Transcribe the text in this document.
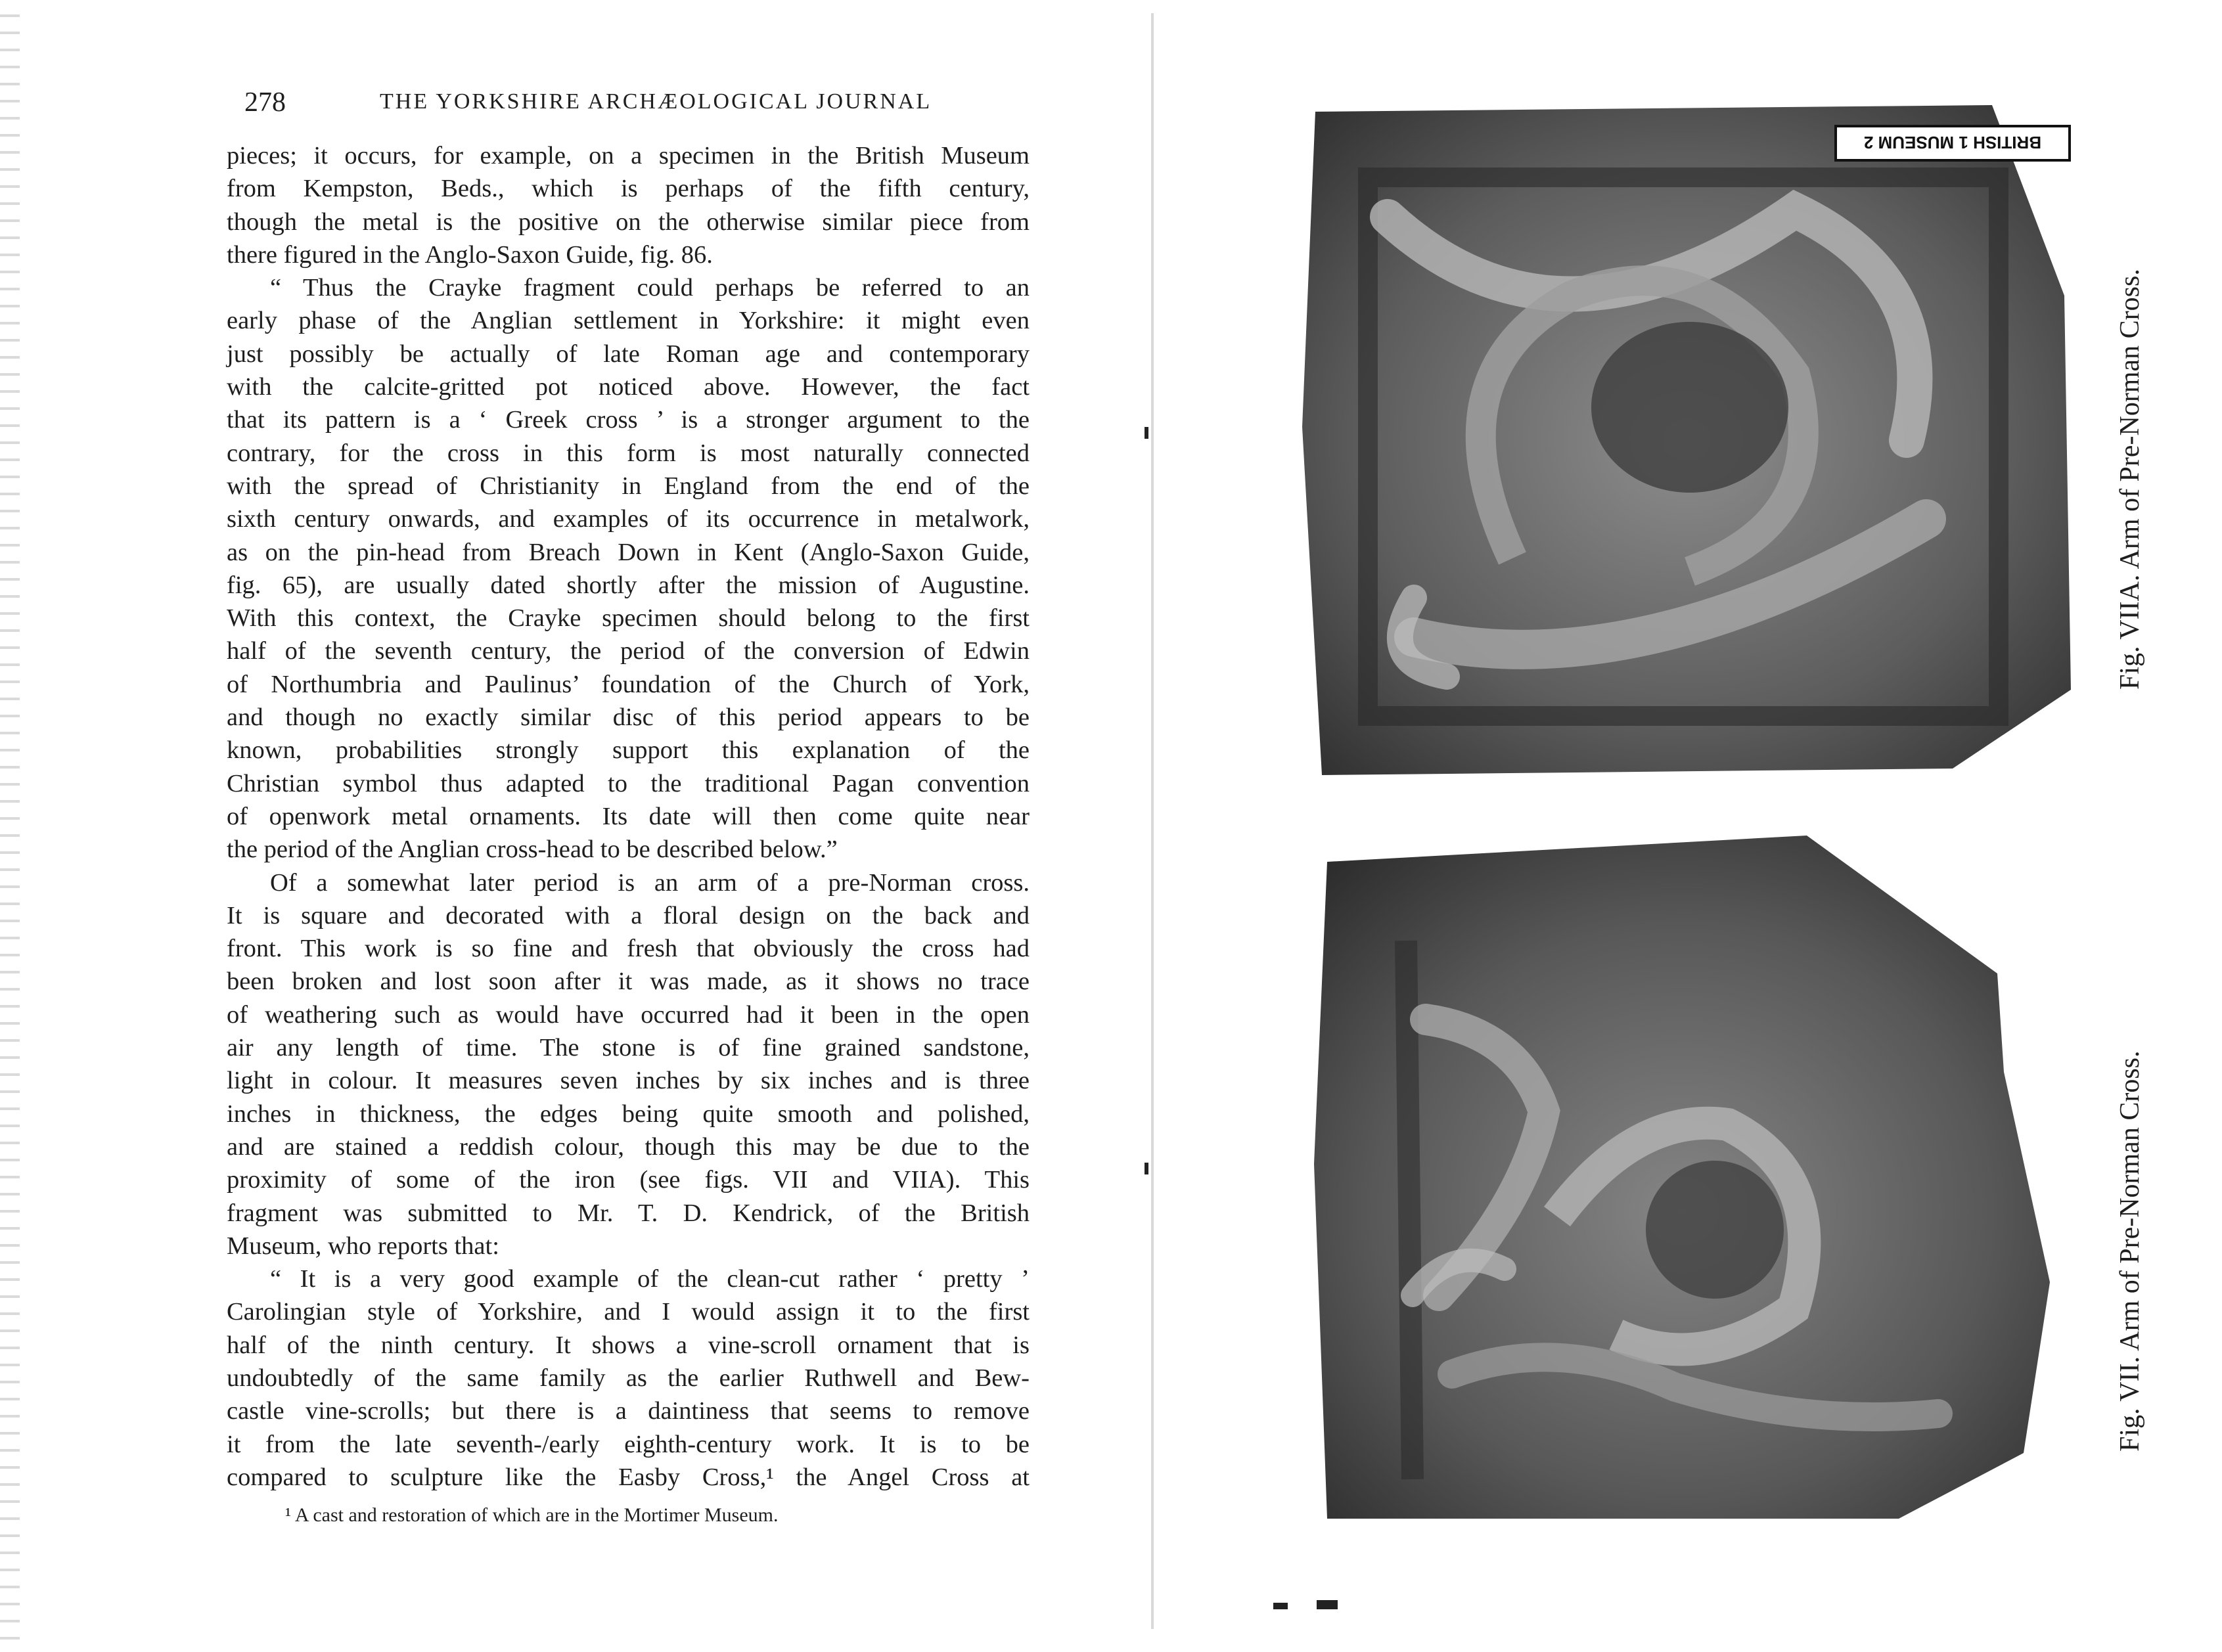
278	THE YORKSHIRE ARCHÆOLOGICAL JOURNAL

pieces; it occurs, for example, on a specimen in the British Museum

from Kempston, Beds., which is perhaps of the fifth century,

though the metal is the positive on the otherwise similar piece from

there figured in the Anglo-Saxon Guide, fig. 86.

“ Thus the Crayke fragment could perhaps be referred to an

early phase of the Anglian settlement in Yorkshire: it might even

just possibly be actually of late Roman age and contemporary

with the calcite-gritted pot noticed above. However, the fact

that its pattern is a ‘ Greek cross ’ is a stronger argument to the

contrary, for the cross in this form is most naturally connected

with the spread of Christianity in England from the end of the

sixth century onwards, and examples of its occurrence in metalwork,

as on the pin-head from Breach Down in Kent (Anglo-Saxon Guide,

fig. 65), are usually dated shortly after the mission of Augustine.

With this context, the Crayke specimen should belong to the first

half of the seventh century, the period of the conversion of Edwin

of Northumbria and Paulinus’ foundation of the Church of York,

and though no exactly similar disc of this period appears to be

known, probabilities strongly support this explanation of the

Christian symbol thus adapted to the traditional Pagan convention

of openwork metal ornaments. Its date will then come quite near

the period of the Anglian cross-head to be described below.”

Of a somewhat later period is an arm of a pre-Norman cross.

It is square and decorated with a floral design on the back and

front. This work is so fine and fresh that obviously the cross had

been broken and lost soon after it was made, as it shows no trace

of weathering such as would have occurred had it been in the open

air any length of time. The stone is of fine grained sandstone,

light in colour. It measures seven inches by six inches and is three

inches in thickness, the edges being quite smooth and polished,

and are stained a reddish colour, though this may be due to the

proximity of some of the iron (see figs. VII and VIIA). This

fragment was submitted to Mr. T. D. Kendrick, of the British

Museum, who reports that:

“ It is a very good example of the clean-cut rather ‘ pretty ’

Carolingian style of Yorkshire, and I would assign it to the first

half of the ninth century. It shows a vine-scroll ornament that is

undoubtedly of the same family as the earlier Ruthwell and Bew-

castle vine-scrolls; but there is a daintiness that seems to remove

it from the late seventh-/early eighth-century work. It is to be

compared to sculpture like the Easby Cross,¹ the Angel Cross at

¹ A cast and restoration of which are in the Mortimer Museum.
BRITISH 1 MUSEUM 2
Fig. VIIA. Arm of Pre-Norman Cross.
Fig. VII. Arm of Pre-Norman Cross.
